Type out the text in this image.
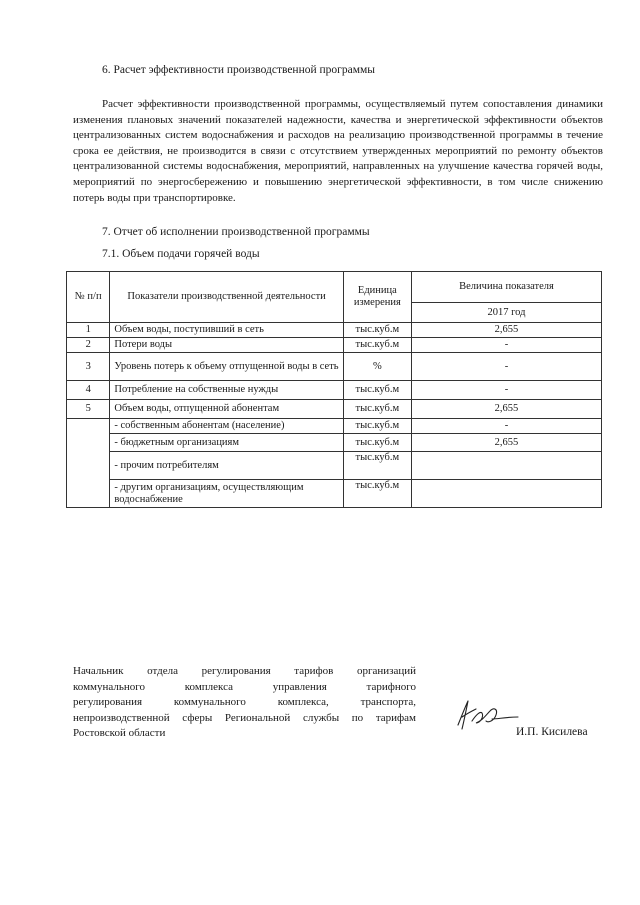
6. Расчет эффективности производственной программы

Расчет эффективности производственной программы, осуществляемый путем сопоставления динамики изменения плановых значений показателей надежности, качества и энергетической эффективности объектов централизованных систем водоснабжения и расходов на реализацию производственной программы в течение срока ее действия, не производится в связи с отсутствием утвержденных мероприятий по ремонту объектов централизованной системы водоснабжения, мероприятий, направленных на улучшение качества горячей воды, мероприятий по энергосбережению и повышению энергетической эффективности, в том числе снижению потерь воды при транспортировке.

7. Отчет об исполнении производственной программы
7.1. Объем подачи горячей воды
№ п/п	Показатели производственной деятельности	Единица измерения	Величина показателя
			2017 год
1	Объем воды, поступивший в сеть	тыс.куб.м	2,655
2	Потери воды	тыс.куб.м	-
3	Уровень потерь к объему отпущенной воды в сеть	%	-
4	Потребление на собственные нужды	тыс.куб.м	-
5	Объем воды, отпущенной абонентам	тыс.куб.м	2,655
	- собственным абонентам (население)	тыс.куб.м	-
	- бюджетным организациям	тыс.куб.м	2,655
	- прочим потребителям	тыс.куб.м	
	- другим организациям, осуществляющим водоснабжение	тыс.куб.м	
Начальник отдела регулирования тарифов организаций
коммунального комплекса управления тарифного
регулирования коммунального комплекса, транспорта,
непроизводственной сферы Региональной службы по тарифам
Ростовской области	И.П. Кисилева
